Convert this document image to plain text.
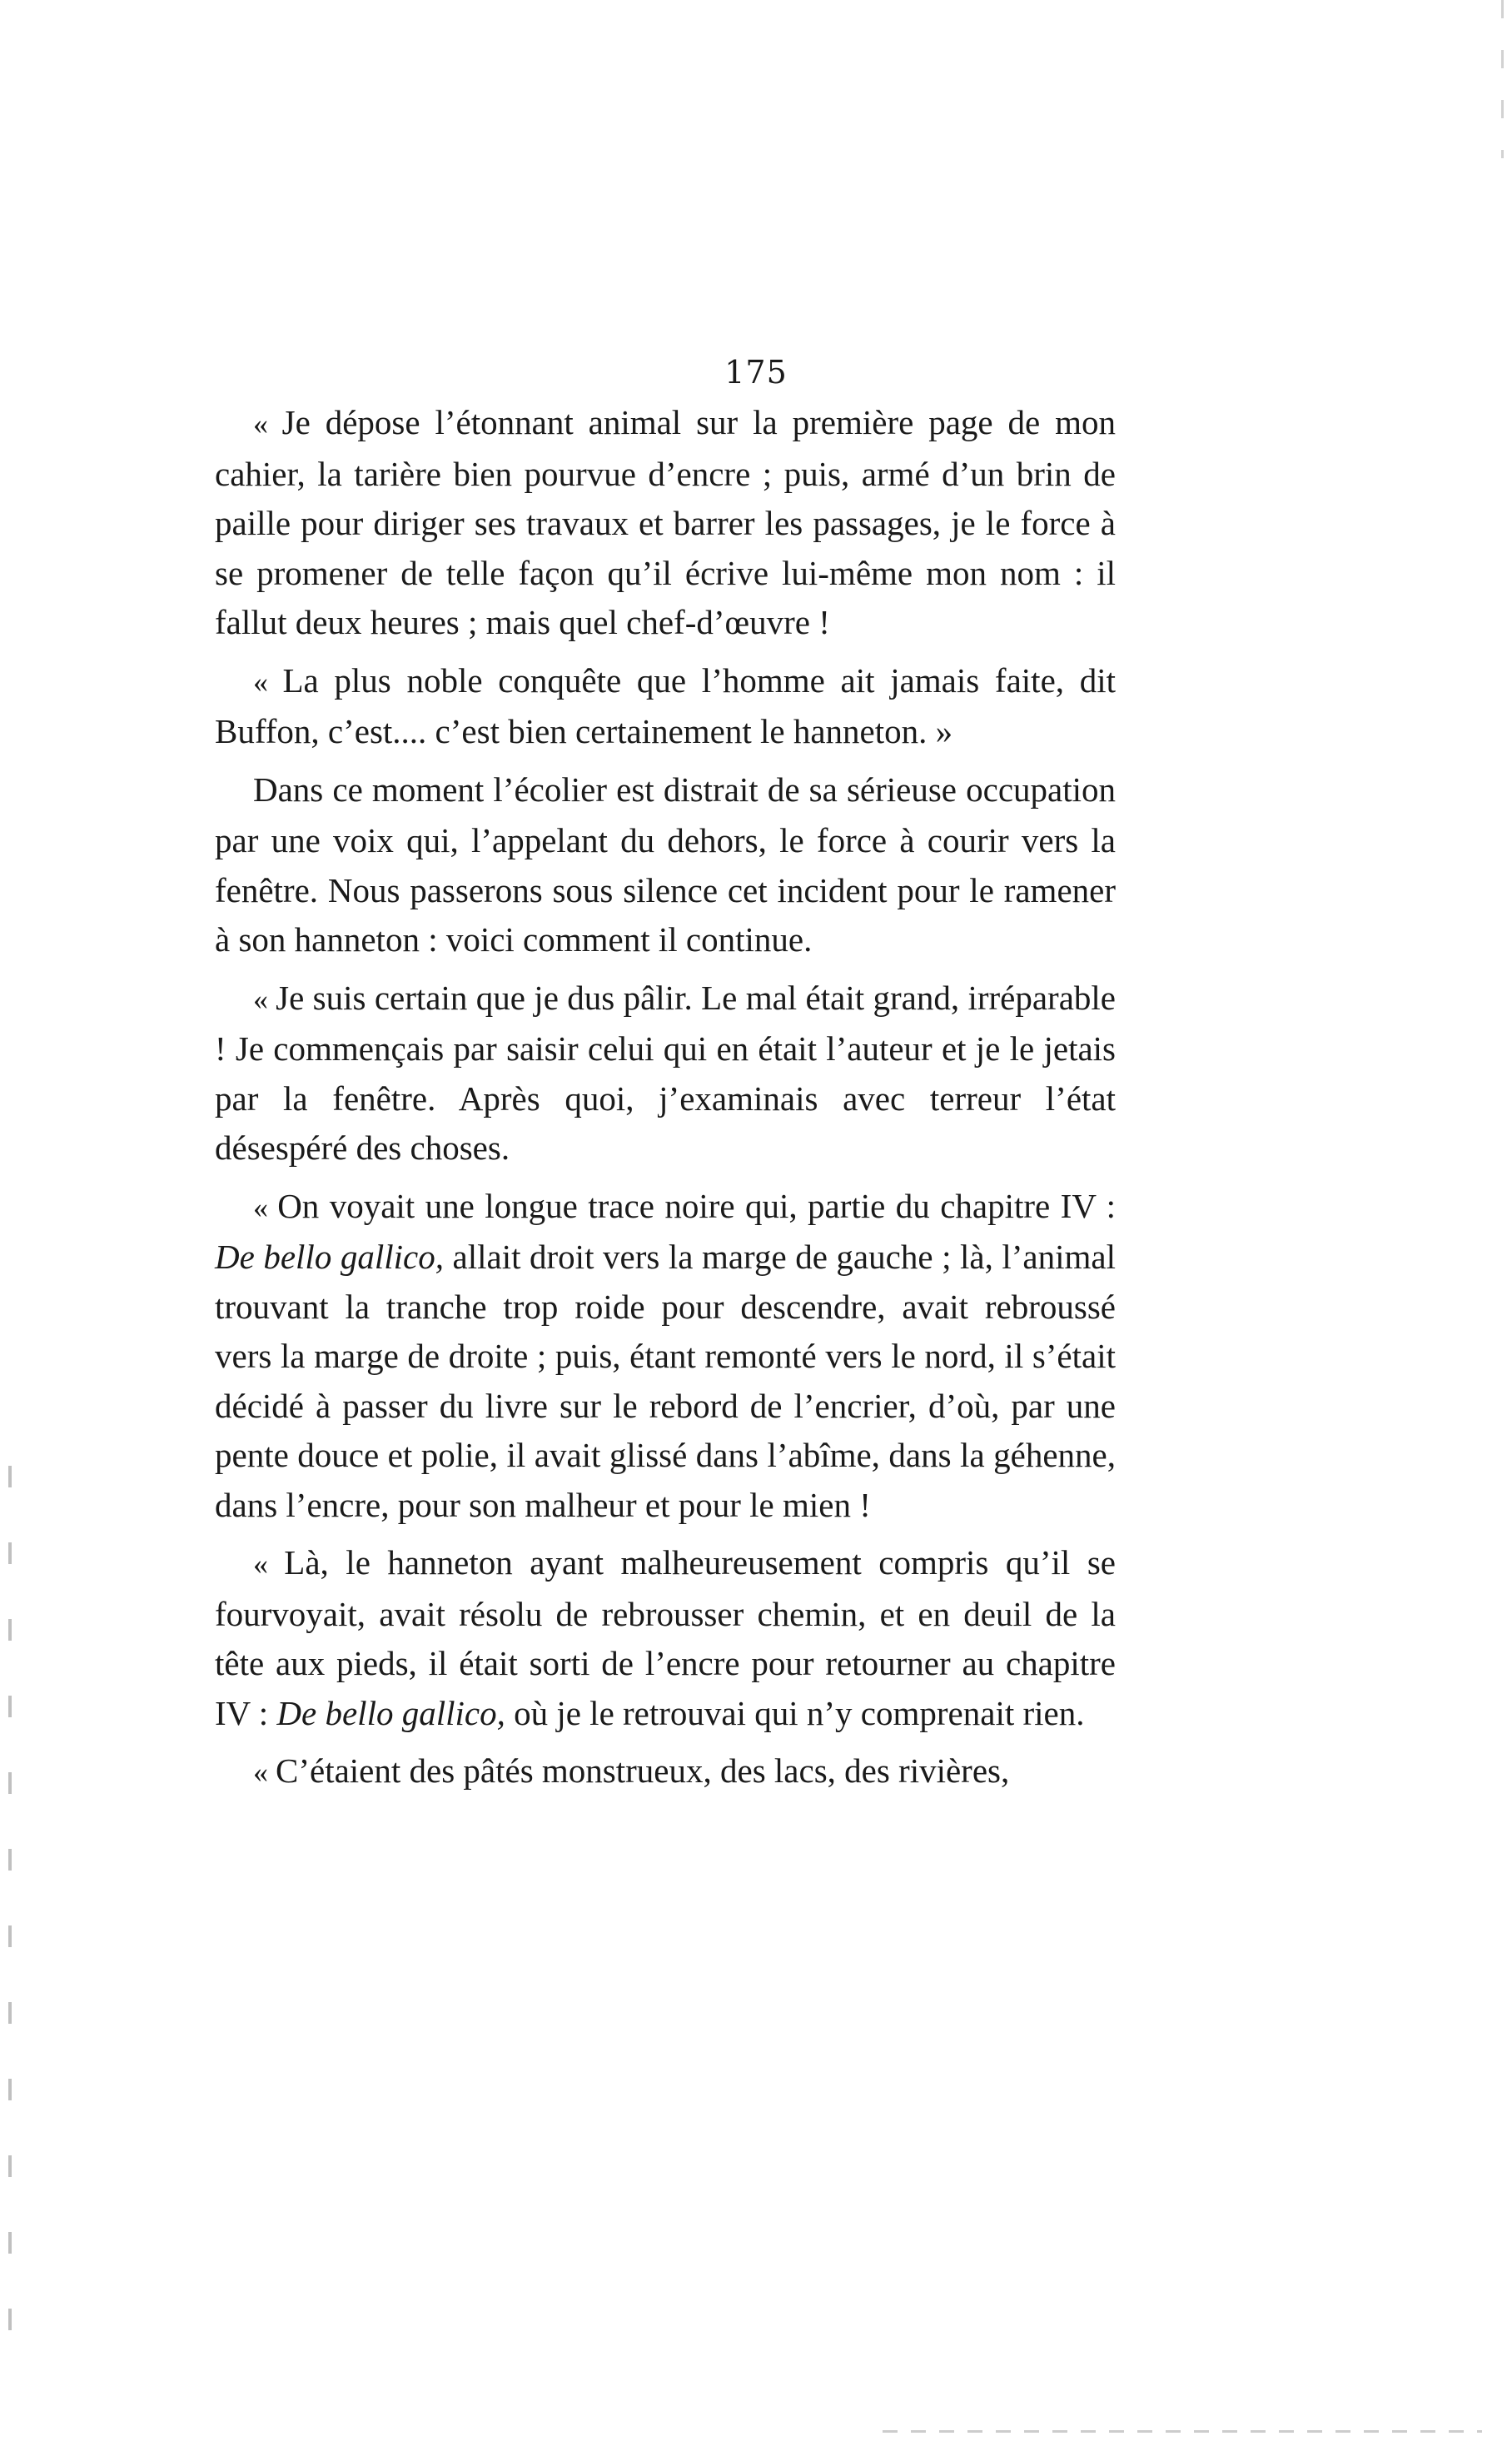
175

« Je dépose l’étonnant animal sur la première page de mon cahier, la tarière bien pourvue d’encre ; puis, armé d’un brin de paille pour diriger ses travaux et barrer les passages, je le force à se promener de telle façon qu’il écrive lui-même mon nom : il fallut deux heures ; mais quel chef-d’œuvre !

« La plus noble conquête que l’homme ait jamais faite, dit Buffon, c’est.... c’est bien certainement le hanneton. »

Dans ce moment l’écolier est distrait de sa sérieuse occupation par une voix qui, l’appelant du dehors, le force à courir vers la fenêtre. Nous passerons sous silence cet incident pour le ramener à son hanneton : voici comment il continue.

« Je suis certain que je dus pâlir. Le mal était grand, irréparable ! Je commençais par saisir celui qui en était l’auteur et je le jetais par la fenêtre. Après quoi, j’examinais avec terreur l’état désespéré des choses.

« On voyait une longue trace noire qui, partie du chapitre IV : De bello gallico, allait droit vers la marge de gauche ; là, l’animal trouvant la tranche trop roide pour descendre, avait rebroussé vers la marge de droite ; puis, étant remonté vers le nord, il s’était décidé à passer du livre sur le rebord de l’encrier, d’où, par une pente douce et polie, il avait glissé dans l’abîme, dans la géhenne, dans l’encre, pour son malheur et pour le mien !

« Là, le hanneton ayant malheureusement compris qu’il se fourvoyait, avait résolu de rebrousser chemin, et en deuil de la tête aux pieds, il était sorti de l’encre pour retourner au chapitre IV : De bello gallico, où je le retrouvai qui n’y comprenait rien.

« C’étaient des pâtés monstrueux, des lacs, des rivières,
